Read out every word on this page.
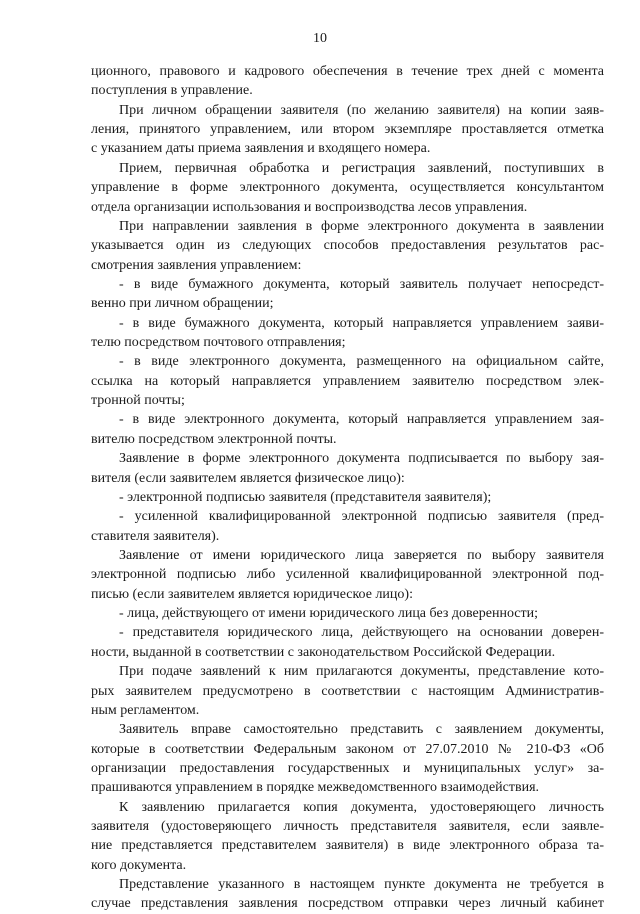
10
ционного, правового и кадрового обеспечения в течение трех дней с момента
поступления в управление.
При личном обращении заявителя (по желанию заявителя) на копии заяв-
ления, принятого управлением, или втором экземпляре проставляется отметка
с указанием даты приема заявления и входящего номера.
Прием, первичная обработка и регистрация заявлений, поступивших в
управление в форме электронного документа, осуществляется консультантом
отдела организации использования и воспроизводства лесов управления.
При направлении заявления в форме электронного документа в заявлении
указывается один из следующих способов предоставления результатов рас-
смотрения заявления управлением:
- в виде бумажного документа, который заявитель получает непосредст-
венно при личном обращении;
- в виде бумажного документа, который направляется управлением заяви-
телю посредством почтового отправления;
- в виде электронного документа, размещенного на официальном сайте,
ссылка на который направляется управлением заявителю посредством элек-
тронной почты;
- в виде электронного документа, который направляется управлением зая-
вителю посредством электронной почты.
Заявление в форме электронного документа подписывается по выбору зая-
вителя (если заявителем является физическое лицо):
- электронной подписью заявителя (представителя заявителя);
- усиленной квалифицированной электронной подписью заявителя (пред-
ставителя заявителя).
Заявление от имени юридического лица заверяется по выбору заявителя
электронной подписью либо усиленной квалифицированной электронной под-
писью (если заявителем является юридическое лицо):
- лица, действующего от имени юридического лица без доверенности;
- представителя юридического лица, действующего на основании доверен-
ности, выданной в соответствии с законодательством Российской Федерации.
При подаче заявлений к ним прилагаются документы, представление кото-
рых заявителем предусмотрено в соответствии с настоящим Административ-
ным регламентом.
Заявитель вправе самостоятельно представить с заявлением документы,
которые в соответствии Федеральным законом от 27.07.2010 № 210-ФЗ «Об
организации предоставления государственных и муниципальных услуг» за-
прашиваются управлением в порядке межведомственного взаимодействия.
К заявлению прилагается копия документа, удостоверяющего личность
заявителя (удостоверяющего личность представителя заявителя, если заявле-
ние представляется представителем заявителя) в виде электронного образа та-
кого документа.
Представление указанного в настоящем пункте документа не требуется в
случае представления заявления посредством отправки через личный кабинет
